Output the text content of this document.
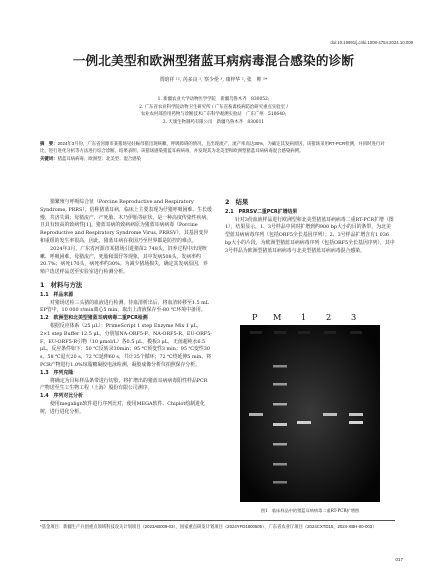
doi:10.19991/j.cnki.1008-4754.2024.10.009
一例北美型和欧洲型猪蓝耳病病毒混合感染的诊断
贾晗祥 ¹², 芮多良 ¹, 察少伦 ³, 康梓华 ², 张　帅 ²*
1. 新疆农业大学动物医学学院　新疆乌鲁木齐　830052;
2. 广东省农业科学院动物卫生研究所 / 广东省畜禽疫病防治研究重点实验室 /
农业农村部兽用药物与诊断技术广东科学观测实验站　广东广州　510640;
3. 天康生物制药有限公司　新疆乌鲁木齐　830011
摘　要：2024年3月份，广东省河源市某猪场见妊娠母猪出现咳嗽、呼吸障碍的情况，且出现流产，流产率高达30%，为确定其发病原因，该猪场采用RT-PCR检测，并同时进行对比，进行进化分析等方法进行综合诊断。结果表明，该猪场感染猪蓝耳病病毒，并发现其为北美型和欧洲型猪蓝耳病病毒混合感染病例。
关键词：猪蓝耳病病毒；欧洲型；北美型；混合感染
猪繁殖与呼吸综合征（Porcine Reproductive and Respiratory Syndrome, PRRS），俗称猪蓝耳病，临床上主要表现为仔猪呼吸困难、生长缓慢、共济失调；母猪流产、产死胎、木乃伊胎等症状，是一种高度传染性疾病，且具有较高的致病性[1]。猪蓝耳病的致病病原为猪蓝耳病病毒（Porcine Reproductive and Respiratory Syndrome Virus, PRRSV），其基因变异和重组的发生率很高，因此，猪蓝耳病在我国乃至世界都是防控的难点。
2024年3月，广东省河源市某猪场引进猪苗2 748头，饲养过程中出现咳嗽、呼吸困难，母猪流产，死胎和弱仔等现象，其中发病508头，发病率约20.7%；病死170头，病死率约30%。为减少猪场损失，确定其发病原因，养殖户选送样品送至实验室进行检测分析。
1　材料与方法
1.1　样品来源
对猪场送检三头猪的血液进行检测，待血清析出后，将血清转移至1.5 mL EP管中，10 000 r/min离心5 min，取出上清液保存至-80 ℃环境中备用。
1.2　欧洲型和北美型猪蓝耳病病毒二重PCR检测
根据反应体系（25 μL）：PrimeScript 1 step Enzyme Mix 1 μL，2×1 step Buffer 12.5 μL，分别加NA-ORF5-F、NA-ORF5-R、EU-ORF5-F、EU-ORF5-R引物（10 μmol/L）各0.5 μL，模板3 μL，无菌超纯水6.5 μL。反应条件如下：50 ℃反转录30min；95 ℃预变性3 min；95 ℃变性30 s，58 ℃退火20 s，72 ℃延伸60 s，共计35个循环；72 ℃终延伸5 min。将PCR产物进行1.0%琼脂糖凝胶电泳检测，凝胶成像分析仪拍照保存分析。
1.3　序列克隆
将确定为目标样品条带进行切胶，将扩增出的猪蓝耳病病毒阳性样品PCR产物送至生工生物工程（上海）股份有限公司测序。
1.4　序列对比分析
使用megalign软件进行序列比对，使用MEGA软件、Chiplot绘制进化树，进行进化分析。
2　结果
2.1　PRRSV二重PCR扩增结果
针对3份血液样品进行欧洲型和北美型猪蓝耳病病毒二重RT-PCR扩增（图1），结果显示，1、3号样品中同时扩增到约900 bp大小的目的条带，为北美型蓝耳病病毒序列（包括ORF5全长基因序列）；2、3号样品扩增含有1 036 bp大小的片段，为欧洲型猪蓝耳病病毒序列（包括ORF5全长基因序列），其中3号样品为欧洲型猪蓝耳病病毒与北美型猪蓝耳病病毒混合感染。
P M 1 2 3
图1　临床样品中的猪蓝耳病病毒二重RT-PCR扩增图
*基金项目：新疆生产兵团重点领域科技攻关计划项目（2023AB009-03）、国家重点研发计划项目（2024YFD1800505）、广东省农业厅项目（2024CXTD15、2024-XBH-00-003）
017
